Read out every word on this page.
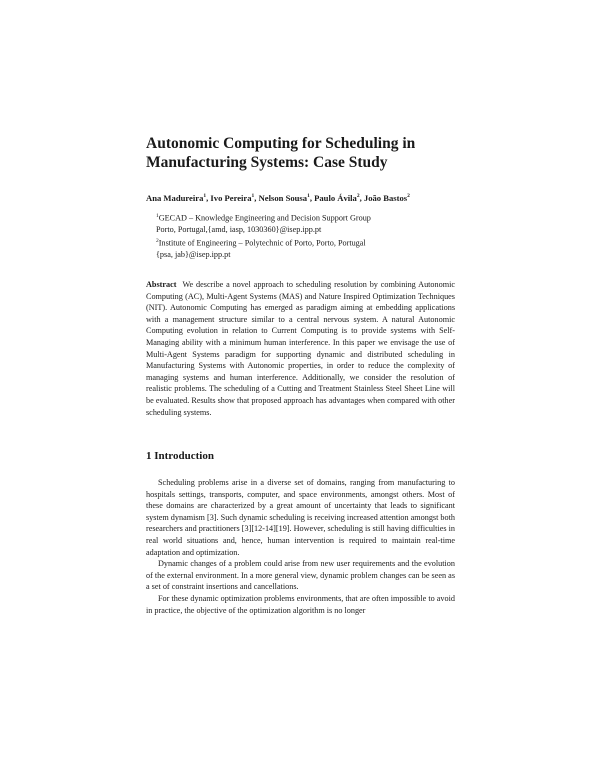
Autonomic Computing for Scheduling in Manufacturing Systems: Case Study
Ana Madureira$^1$, Ivo Pereira$^1$, Nelson Sousa$^1$, Paulo Ávila$^2$, João Bastos$^2$
$^1$GECAD – Knowledge Engineering and Decision Support Group
Porto, Portugal,{amd, iasp, 1030360}@isep.ipp.pt
$^2$Institute of Engineering – Polytechnic of Porto, Porto, Portugal
{psa, jab}@isep.ipp.pt

Abstract We describe a novel approach to scheduling resolution by combining Autonomic Computing (AC), Multi-Agent Systems (MAS) and Nature Inspired Optimization Techniques (NIT). Autonomic Computing has emerged as paradigm aiming at embedding applications with a management structure similar to a central nervous system. A natural Autonomic Computing evolution in relation to Current Computing is to provide systems with Self-Managing ability with a minimum human interference. In this paper we envisage the use of Multi-Agent Systems paradigm for supporting dynamic and distributed scheduling in Manufacturing Systems with Autonomic properties, in order to reduce the complexity of managing systems and human interference. Additionally, we consider the resolution of realistic problems. The scheduling of a Cutting and Treatment Stainless Steel Sheet Line will be evaluated. Results show that proposed approach has advantages when compared with other scheduling systems.

1 Introduction

Scheduling problems arise in a diverse set of domains, ranging from manufacturing to hospitals settings, transports, computer, and space environments, amongst others. Most of these domains are characterized by a great amount of uncertainty that leads to significant system dynamism [3]. Such dynamic scheduling is receiving increased attention amongst both researchers and practitioners [3][12-14][19]. However, scheduling is still having difficulties in real world situations and, hence, human intervention is required to maintain real-time adaptation and optimization.

Dynamic changes of a problem could arise from new user requirements and the evolution of the external environment. In a more general view, dynamic problem changes can be seen as a set of constraint insertions and cancellations.

For these dynamic optimization problems environments, that are often impossible to avoid in practice, the objective of the optimization algorithm is no longer
